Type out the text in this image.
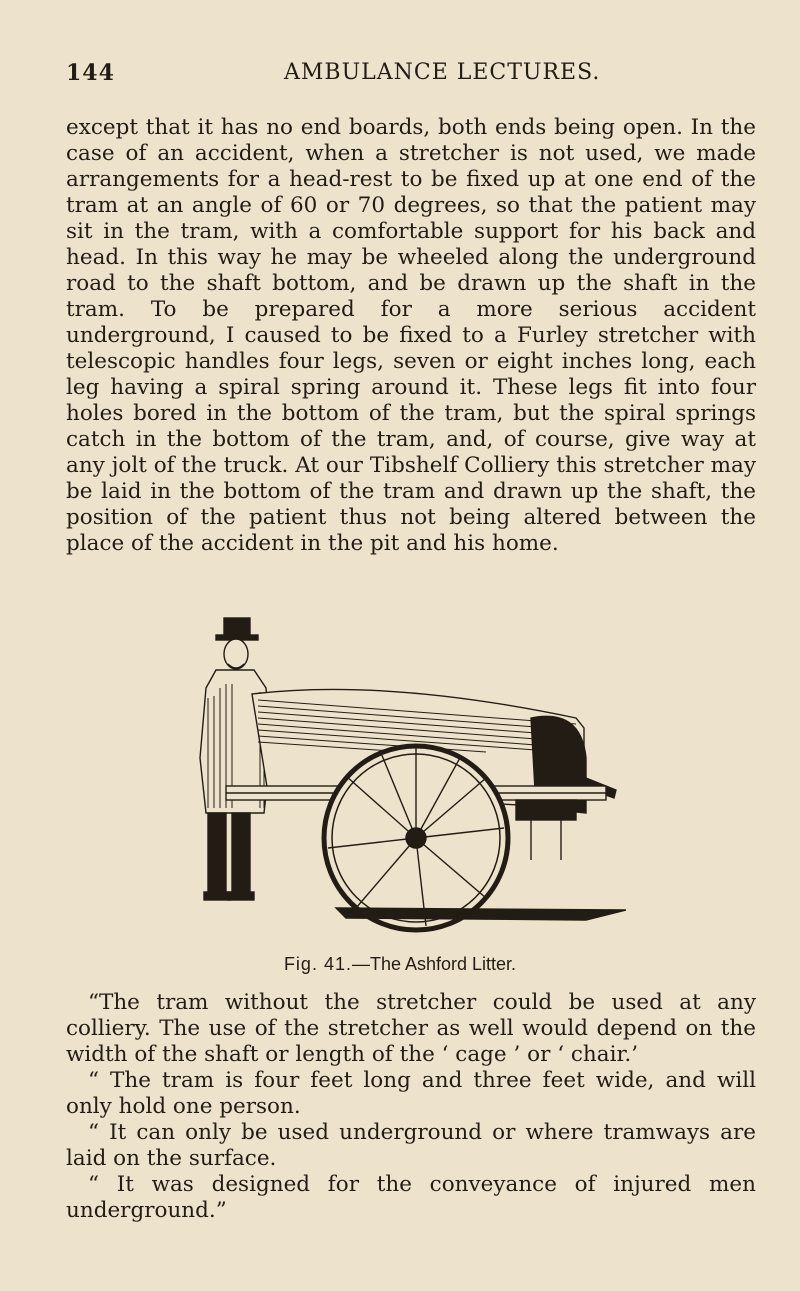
144	AMBULANCE LECTURES.

except that it has no end boards, both ends being open. In the case of an accident, when a stretcher is not used, we made arrangements for a head-rest to be fixed up at one end of the tram at an angle of 60 or 70 degrees, so that the patient may sit in the tram, with a comfortable support for his back and head. In this way he may be wheeled along the underground road to the shaft bottom, and be drawn up the shaft in the tram. To be prepared for a more serious accident underground, I caused to be fixed to a Furley stretcher with telescopic handles four legs, seven or eight inches long, each leg having a spiral spring around it. These legs fit into four holes bored in the bottom of the tram, but the spiral springs catch in the bottom of the tram, and, of course, give way at any jolt of the truck. At our Tibshelf Colliery this stretcher may be laid in the bottom of the tram and drawn up the shaft, the position of the patient thus not being altered between the place of the accident in the pit and his home.

Fig. 41.—The Ashford Litter.

“The tram without the stretcher could be used at any colliery. The use of the stretcher as well would depend on the width of the shaft or length of the ‘ cage ’ or ‘ chair.’

“ The tram is four feet long and three feet wide, and will only hold one person.

“ It can only be used underground or where tramways are laid on the surface.

“ It was designed for the conveyance of injured men underground.”
